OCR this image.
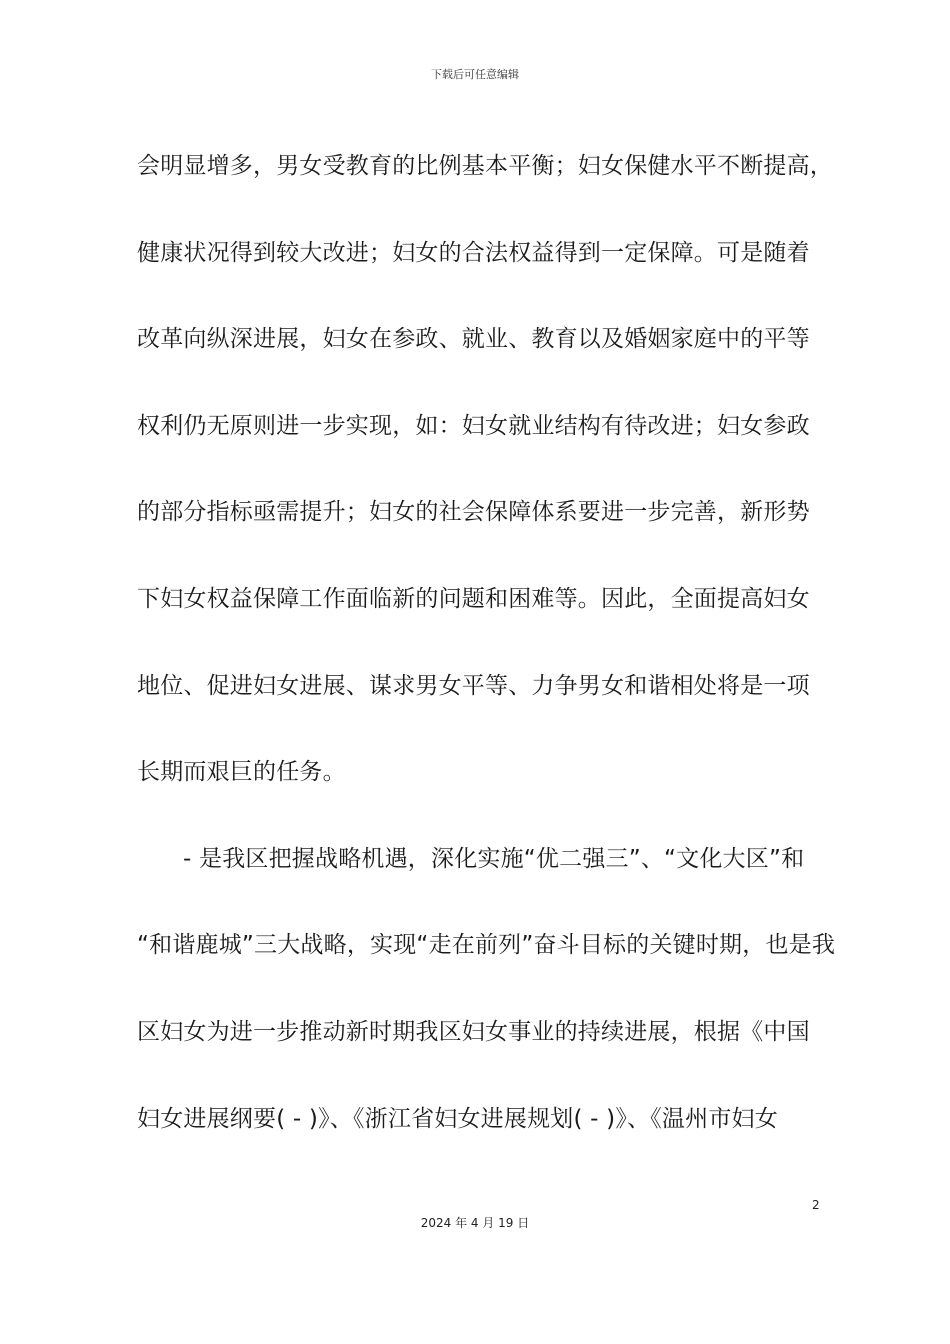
下载后可任意编辑
会明显增多，男女受教育的比例基本平衡；妇女保健水平不断提高，
健康状况得到较大改进；妇女的合法权益得到一定保障。可是随着
改革向纵深进展，妇女在参政、就业、教育以及婚姻家庭中的平等
权利仍无原则进一步实现，如：妇女就业结构有待改进；妇女参政
的部分指标亟需提升；妇女的社会保障体系要进一步完善，新形势
下妇女权益保障工作面临新的问题和困难等。因此，全面提高妇女
地位、促进妇女进展、谋求男女平等、力争男女和谐相处将是一项
长期而艰巨的任务。
- 是我区把握战略机遇，深化实施“优二强三”、“文化大区”和
“和谐鹿城”三大战略，实现“走在前列”奋斗目标的关键时期，也是我
区妇女为进一步推动新时期我区妇女事业的持续进展，根据《中国
妇女进展纲要( - )》、《浙江省妇女进展规划( - )》、《温州市妇女
2
2024 年 4 月 19 日
